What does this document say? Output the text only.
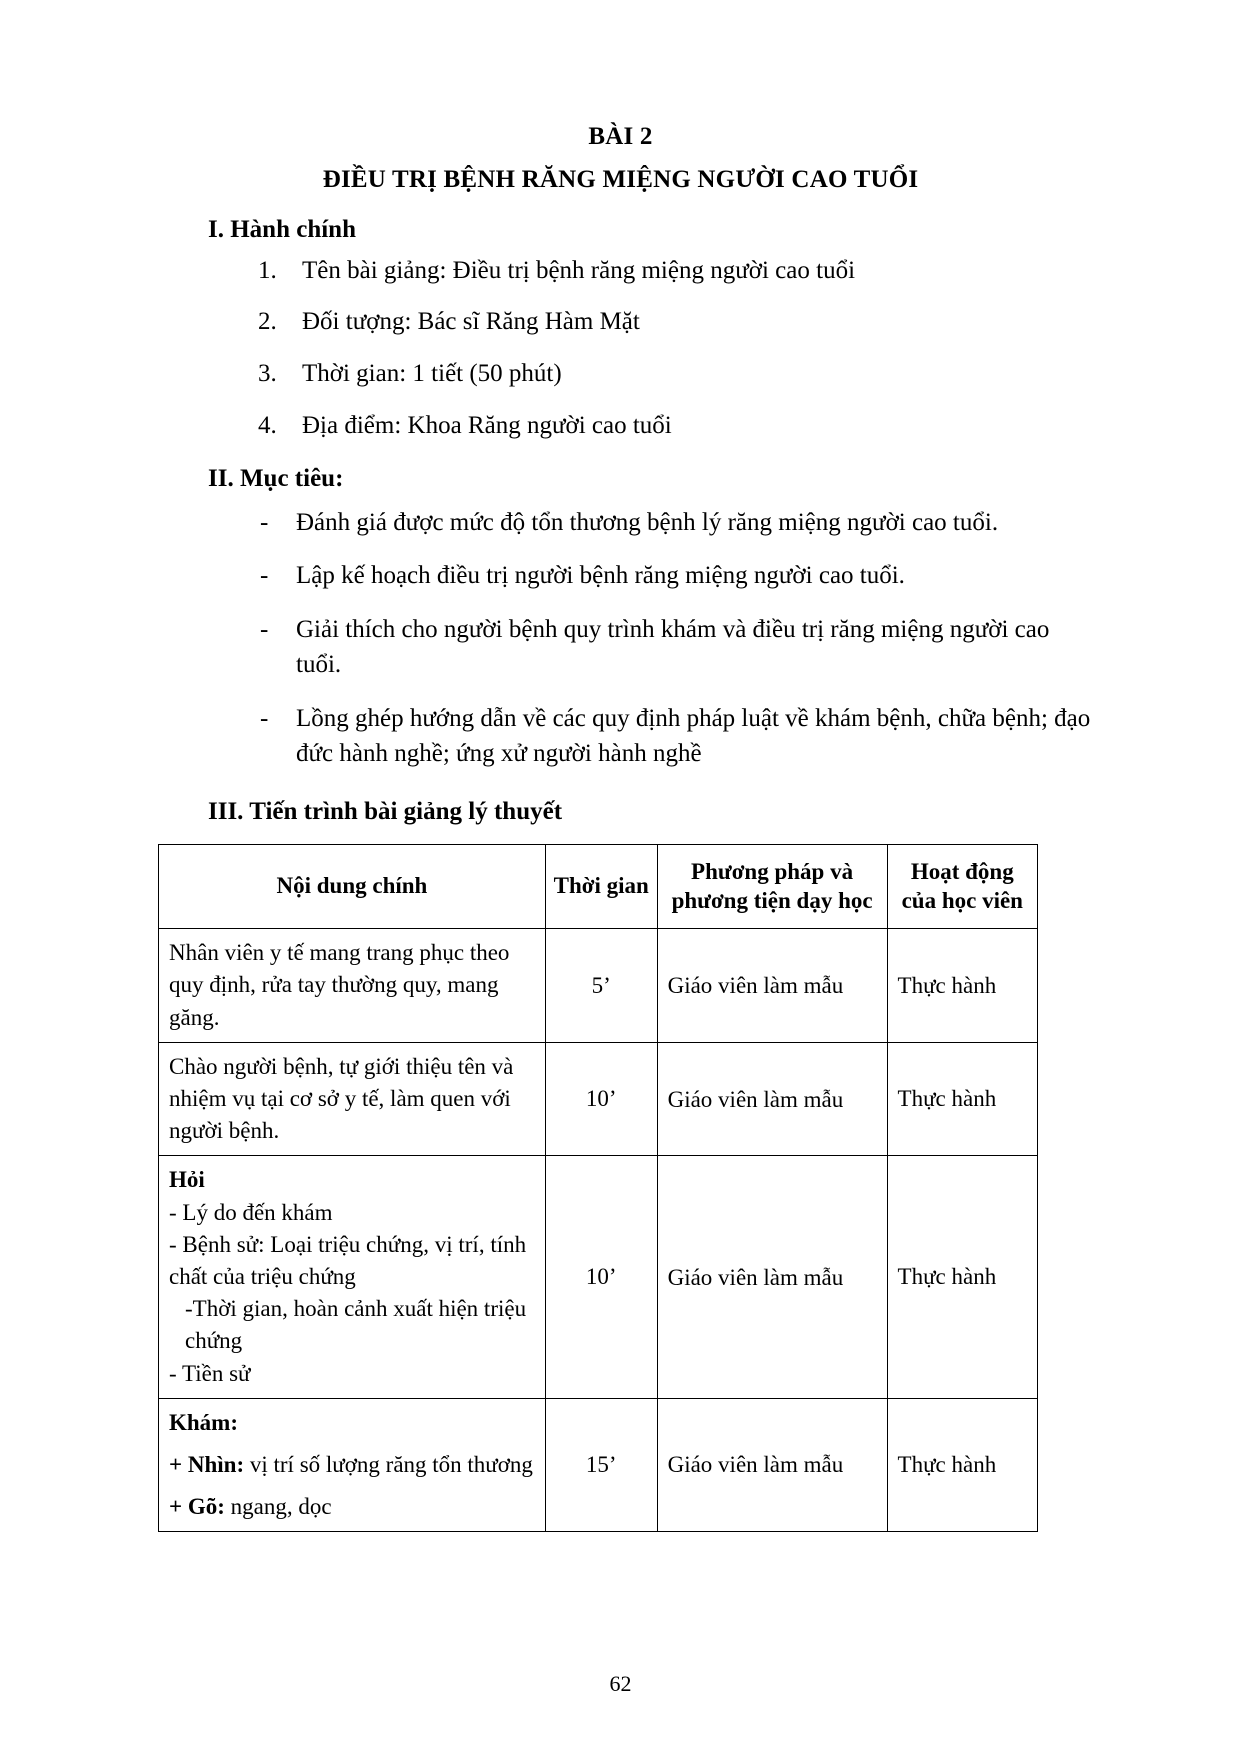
BÀI 2
ĐIỀU TRỊ BỆNH RĂNG MIỆNG NGƯỜI CAO TUỔI
I. Hành chính
1. Tên bài giảng: Điều trị bệnh răng miệng người cao tuổi
2. Đối tượng: Bác sĩ Răng Hàm Mặt
3. Thời gian: 1 tiết (50 phút)
4. Địa điểm: Khoa Răng người cao tuổi
II. Mục tiêu:
- Đánh giá được mức độ tổn thương bệnh lý răng miệng người cao tuổi.
- Lập kế hoạch điều trị người bệnh răng miệng người cao tuổi.
- Giải thích cho người bệnh quy trình khám và điều trị răng miệng người cao tuổi.
- Lồng ghép hướng dẫn về các quy định pháp luật về khám bệnh, chữa bệnh; đạo đức hành nghề; ứng xử người hành nghề
III. Tiến trình bài giảng lý thuyết
Nội dung chính	Thời gian	Phương pháp và phương tiện dạy học	Hoạt động của học viên

Nhân viên y tế mang trang phục theo quy định, rửa tay thường quy, mang găng.	5’	Giáo viên làm mẫu	Thực hành

Chào người bệnh, tự giới thiệu tên và nhiệm vụ tại cơ sở y tế, làm quen với người bệnh.	10’	Giáo viên làm mẫu	Thực hành

Hỏi
- Lý do đến khám
- Bệnh sử: Loại triệu chứng, vị trí, tính chất của triệu chứng
-Thời gian, hoàn cảnh xuất hiện triệu chứng
- Tiền sử	10’	Giáo viên làm mẫu	Thực hành

Khám:
+ Nhìn: vị trí số lượng răng tổn thương
+ Gõ: ngang, dọc	15’	Giáo viên làm mẫu	Thực hành
62
